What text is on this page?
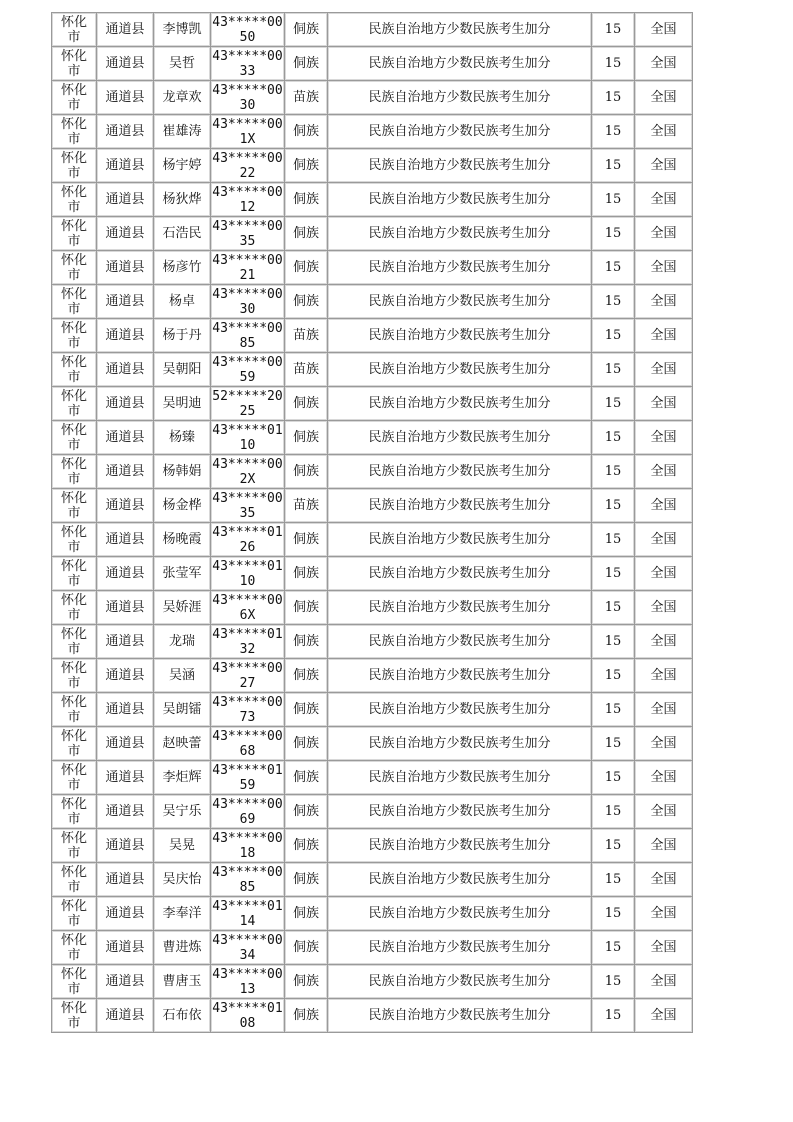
怀化市	通道县	李博凯	43*****0050	侗族	民族自治地方少数民族考生加分	15	全国
怀化市	通道县	吴哲	43*****0033	侗族	民族自治地方少数民族考生加分	15	全国
怀化市	通道县	龙章欢	43*****0030	苗族	民族自治地方少数民族考生加分	15	全国
怀化市	通道县	崔雄涛	43*****001X	侗族	民族自治地方少数民族考生加分	15	全国
怀化市	通道县	杨宇婷	43*****0022	侗族	民族自治地方少数民族考生加分	15	全国
怀化市	通道县	杨狄烨	43*****0012	侗族	民族自治地方少数民族考生加分	15	全国
怀化市	通道县	石浩民	43*****0035	侗族	民族自治地方少数民族考生加分	15	全国
怀化市	通道县	杨彦竹	43*****0021	侗族	民族自治地方少数民族考生加分	15	全国
怀化市	通道县	杨卓	43*****0030	侗族	民族自治地方少数民族考生加分	15	全国
怀化市	通道县	杨于丹	43*****0085	苗族	民族自治地方少数民族考生加分	15	全国
怀化市	通道县	吴朝阳	43*****0059	苗族	民族自治地方少数民族考生加分	15	全国
怀化市	通道县	吴明迪	52*****2025	侗族	民族自治地方少数民族考生加分	15	全国
怀化市	通道县	杨臻	43*****0110	侗族	民族自治地方少数民族考生加分	15	全国
怀化市	通道县	杨韩娟	43*****002X	侗族	民族自治地方少数民族考生加分	15	全国
怀化市	通道县	杨金桦	43*****0035	苗族	民族自治地方少数民族考生加分	15	全国
怀化市	通道县	杨晚霞	43*****0126	侗族	民族自治地方少数民族考生加分	15	全国
怀化市	通道县	张莹军	43*****0110	侗族	民族自治地方少数民族考生加分	15	全国
怀化市	通道县	吴娇涯	43*****006X	侗族	民族自治地方少数民族考生加分	15	全国
怀化市	通道县	龙瑞	43*****0132	侗族	民族自治地方少数民族考生加分	15	全国
怀化市	通道县	吴涵	43*****0027	侗族	民族自治地方少数民族考生加分	15	全国
怀化市	通道县	吴朗镭	43*****0073	侗族	民族自治地方少数民族考生加分	15	全国
怀化市	通道县	赵映蕾	43*****0068	侗族	民族自治地方少数民族考生加分	15	全国
怀化市	通道县	李炬辉	43*****0159	侗族	民族自治地方少数民族考生加分	15	全国
怀化市	通道县	吴宁乐	43*****0069	侗族	民族自治地方少数民族考生加分	15	全国
怀化市	通道县	吴晃	43*****0018	侗族	民族自治地方少数民族考生加分	15	全国
怀化市	通道县	吴庆怡	43*****0085	侗族	民族自治地方少数民族考生加分	15	全国
怀化市	通道县	李奉洋	43*****0114	侗族	民族自治地方少数民族考生加分	15	全国
怀化市	通道县	曹进炼	43*****0034	侗族	民族自治地方少数民族考生加分	15	全国
怀化市	通道县	曹唐玉	43*****0013	侗族	民族自治地方少数民族考生加分	15	全国
怀化市	通道县	石布依	43*****0108	侗族	民族自治地方少数民族考生加分	15	全国
